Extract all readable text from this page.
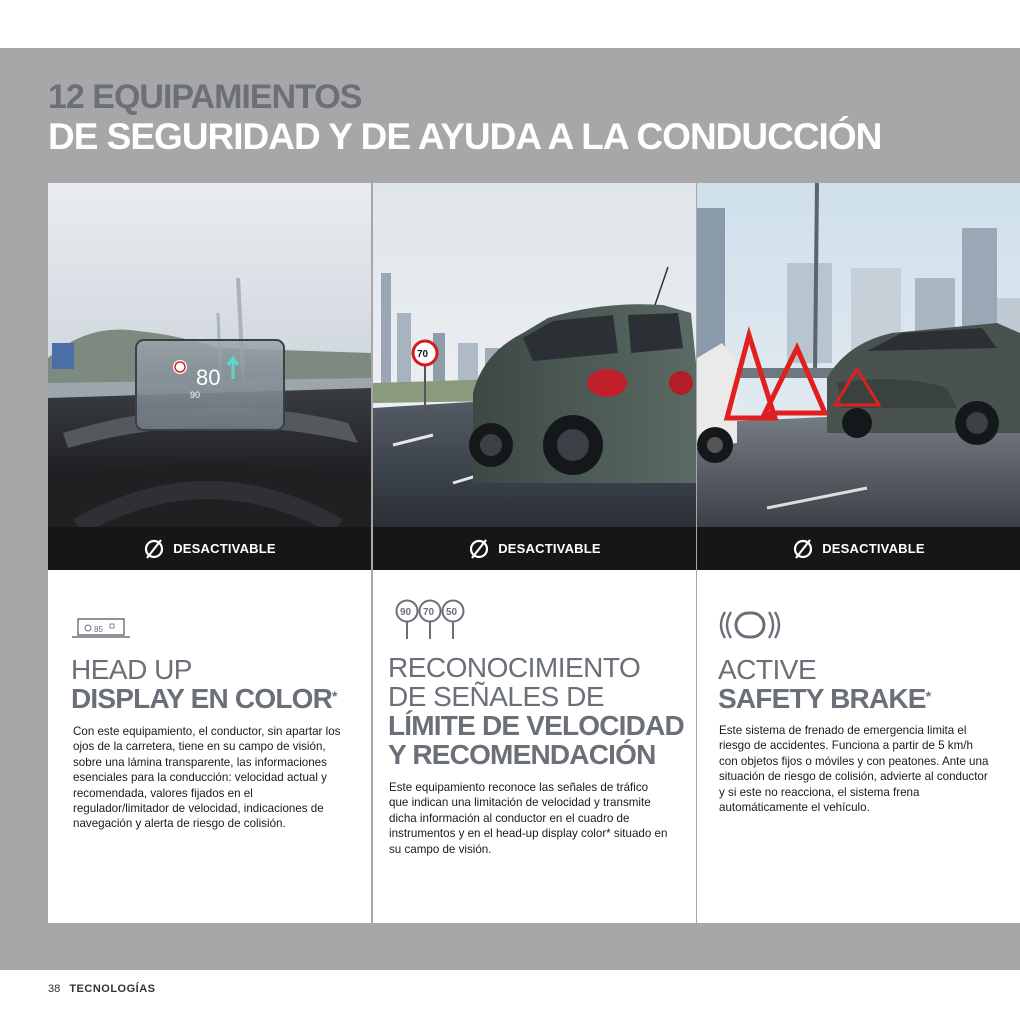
12 EQUIPAMIENTOS
DE SEGURIDAD Y DE AYUDA A LA CONDUCCIÓN
80
90
DESACTIVABLE
85
HEAD UP
DISPLAY EN COLOR*

Con este equipamiento, el conductor, sin apartar los ojos de la carretera, tiene en su campo de visión, sobre una lámina transparente, las informaciones esenciales para la conducción: velocidad actual y recomendada, valores fijados en el regulador/limitador de velocidad, indicaciones de navegación y alerta de riesgo de colisión.

70
DESACTIVABLE
90 70 50
RECONOCIMIENTO
DE SEÑALES DE
LÍMITE DE VELOCIDAD
Y RECOMENDACIÓN

Este equipamiento reconoce las señales de tráfico que indican una limitación de velocidad y transmite dicha información al conductor en el cuadro de instrumentos y en el head-up display color* situado en su campo de visión.

DESACTIVABLE
ACTIVE
SAFETY BRAKE*

Este sistema de frenado de emergencia limita el riesgo de accidentes. Funciona a partir de 5 km/h con objetos fijos o móviles y con peatones. Ante una situación de riesgo de colisión, advierte al conductor y si este no reacciona, el sistema frena automáticamente el vehículo.

38 TECNOLOGÍAS
